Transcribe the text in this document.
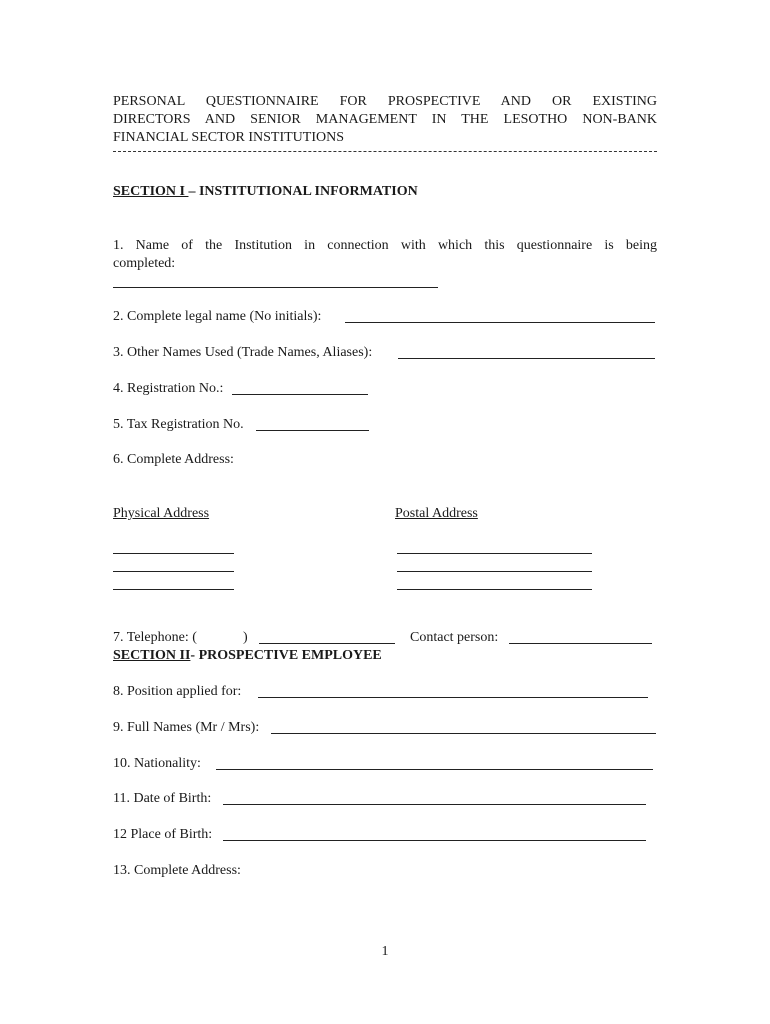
PERSONAL QUESTIONNAIRE FOR PROSPECTIVE AND OR EXISTING
DIRECTORS AND SENIOR MANAGEMENT IN THE LESOTHO NON-BANK
FINANCIAL SECTOR INSTITUTIONS
SECTION I – INSTITUTIONAL INFORMATION
1. Name of the Institution in connection with which this questionnaire is being
completed:
2. Complete legal name (No initials):
3. Other Names Used (Trade Names, Aliases):
4. Registration No.:
5. Tax Registration No.
6. Complete Address:
Physical Address	Postal Address
7. Telephone: (	)	Contact person:
SECTION II- PROSPECTIVE EMPLOYEE
8. Position applied for:
9. Full Names (Mr / Mrs):
10. Nationality:
11. Date of Birth:
12 Place of Birth:
13. Complete Address:
1
